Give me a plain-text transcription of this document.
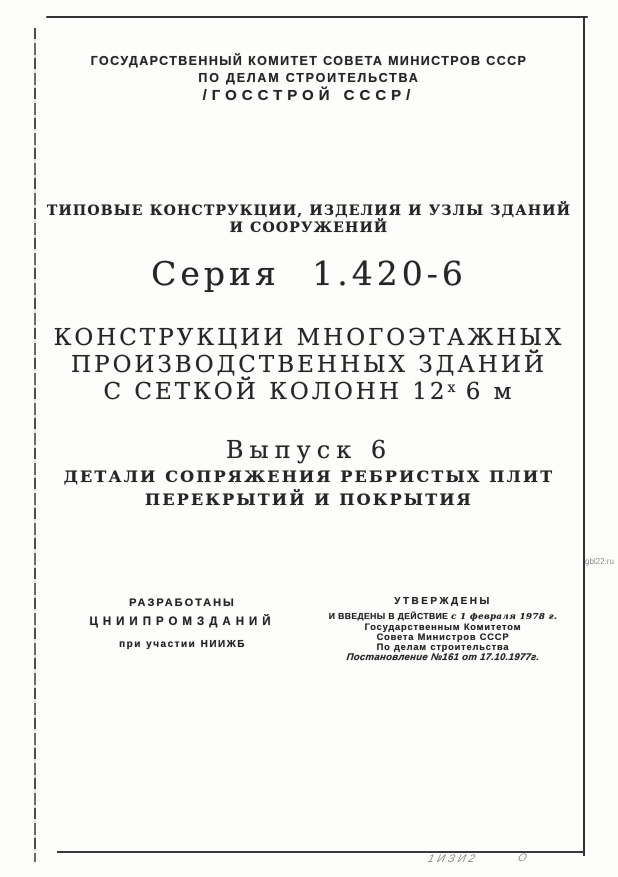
ГОСУДАРСТВЕННЫЙ КОМИТЕТ СОВЕТА МИНИСТРОВ СССР
ПО ДЕЛАМ СТРОИТЕЛЬСТВА
/ГОССТРОЙ СССР/
ТИПОВЫЕ КОНСТРУКЦИИ, ИЗДЕЛИЯ И УЗЛЫ ЗДАНИЙ
И СООРУЖЕНИЙ
Серия 1.420-6
КОНСТРУКЦИИ МНОГОЭТАЖНЫХ
ПРОИЗВОДСТВЕННЫХ ЗДАНИЙ
С СЕТКОЙ КОЛОНН $12^х$ 6 м
Выпуск 6
ДЕТАЛИ СОПРЯЖЕНИЯ РЕБРИСТЫХ ПЛИТ
ПЕРЕКРЫТИЙ И ПОКРЫТИЯ
РАЗРАБОТАНЫ
ЦНИИПРОМЗДАНИЙ
при участии НИИЖБ
УТВЕРЖДЕНЫ
И ВВЕДЕНЫ В ДЕЙСТВИЕ с 1 февраля 1978 г.
Государственным Комитетом
Совета Министров СССР
По делам строительства
Постановление №161 от 17.10.1977г.
gbl22.ru
1ИЗИ2	О
